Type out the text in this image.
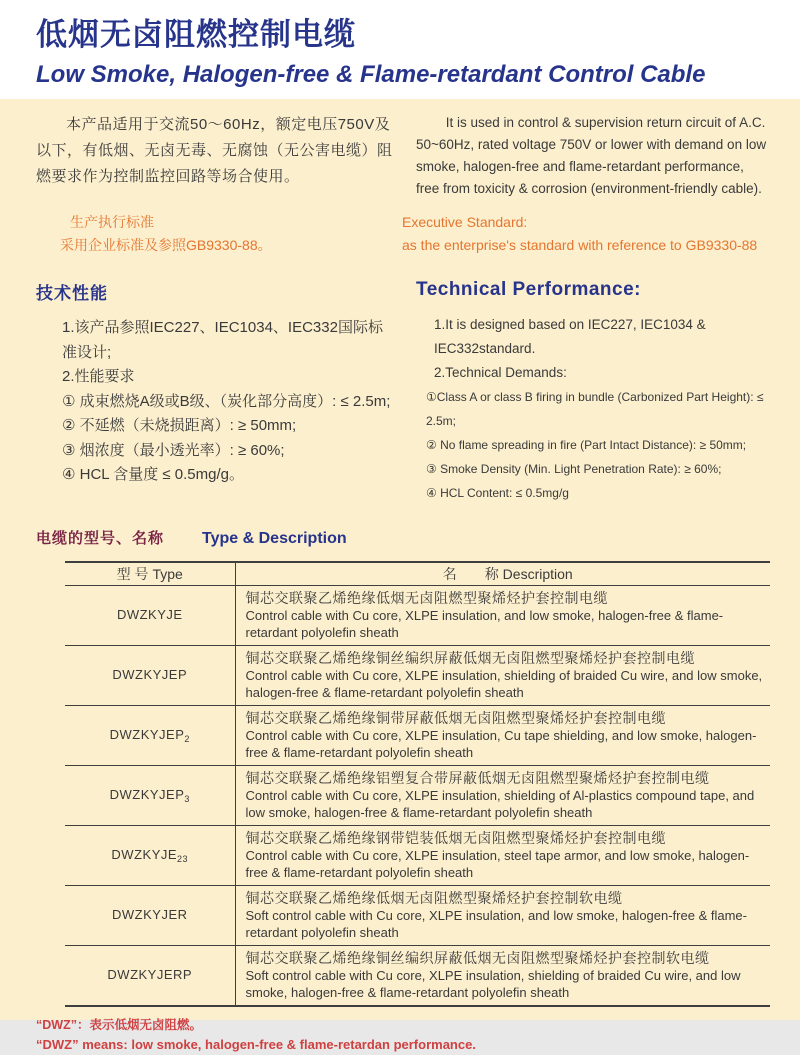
低烟无卤阻燃控制电缆
Low Smoke, Halogen-free & Flame-retardant Control Cable

本产品适用于交流50～60Hz，额定电压750V及以下，有低烟、无卤无毒、无腐蚀（无公害电缆）阻燃要求作为控制监控回路等场合使用。

It is used in control & supervision return circuit of A.C. 50~60Hz, rated voltage 750V or lower with demand on low smoke, halogen-free and flame-retardant performance, free from toxicity & corrosion (environment-friendly cable).

生产执行标准
采用企业标准及参照GB9330-88。
Executive Standard:
as the enterprise's standard with reference to GB9330-88
技术性能
1.该产品参照IEC227、IEC1034、IEC332国际标准设计;
2.性能要求
① 成束燃烧A级或B级、（炭化部分高度）: ≤ 2.5m;
② 不延燃（未烧损距离）: ≥ 50mm;
③ 烟浓度（最小透光率）: ≥ 60%;
④ HCL 含量度 ≤ 0.5mg/g。
Technical Performance:
1.It is designed based on IEC227, IEC1034 & IEC332standard.
2.Technical Demands:
①Class A or class B firing in bundle (Carbonized Part Height): ≤ 2.5m;
② No flame spreading in fire (Part Intact Distance): ≥ 50mm;
③ Smoke Density (Min. Light Penetration Rate): ≥ 60%;
④ HCL Content: ≤ 0.5mg/g
电缆的型号、名称 Type & Description
型 号 Type	名　　称 Description
DWZKYJE	铜芯交联聚乙烯绝缘低烟无卤阻燃型聚烯烃护套控制电缆
Control cable with Cu core, XLPE insulation, and low smoke, halogen-free & flame-retardant polyolefin sheath

DWZKYJEP	铜芯交联聚乙烯绝缘铜丝编织屏蔽低烟无卤阻燃型聚烯烃护套控制电缆
Control cable with Cu core, XLPE insulation, shielding of braided Cu wire, and low smoke, halogen-free & flame-retardant polyolefin sheath

$DWZKYJEP_2$	铜芯交联聚乙烯绝缘铜带屏蔽低烟无卤阻燃型聚烯烃护套控制电缆
Control cable with Cu core, XLPE insulation, Cu tape shielding, and low smoke, halogen-free & flame-retardant polyolefin sheath

$DWZKYJEP_3$	铜芯交联聚乙烯绝缘铝塑复合带屏蔽低烟无卤阻燃型聚烯烃护套控制电缆
Control cable with Cu core, XLPE insulation, shielding of Al-plastics compound tape, and low smoke, halogen-free & flame-retardant polyolefin sheath

$DWZKYJE_{23}$	铜芯交联聚乙烯绝缘钢带铠装低烟无卤阻燃型聚烯烃护套控制电缆
Control cable with Cu core, XLPE insulation, steel tape armor, and low smoke, halogen-free & flame-retardant polyolefin sheath

DWZKYJER	铜芯交联聚乙烯绝缘低烟无卤阻燃型聚烯烃护套控制软电缆
Soft control cable with Cu core, XLPE insulation, and low smoke, halogen-free & flame-retardant polyolefin sheath

DWZKYJERP	铜芯交联聚乙烯绝缘铜丝编织屏蔽低烟无卤阻燃型聚烯烃护套控制软电缆
Soft control cable with Cu core, XLPE insulation, shielding of braided Cu wire, and low smoke, halogen-free & flame-retardant polyolefin sheath
“DWZ”：表示低烟无卤阻燃。
“DWZ” means: low smoke, halogen-free & flame-retardan performance.
